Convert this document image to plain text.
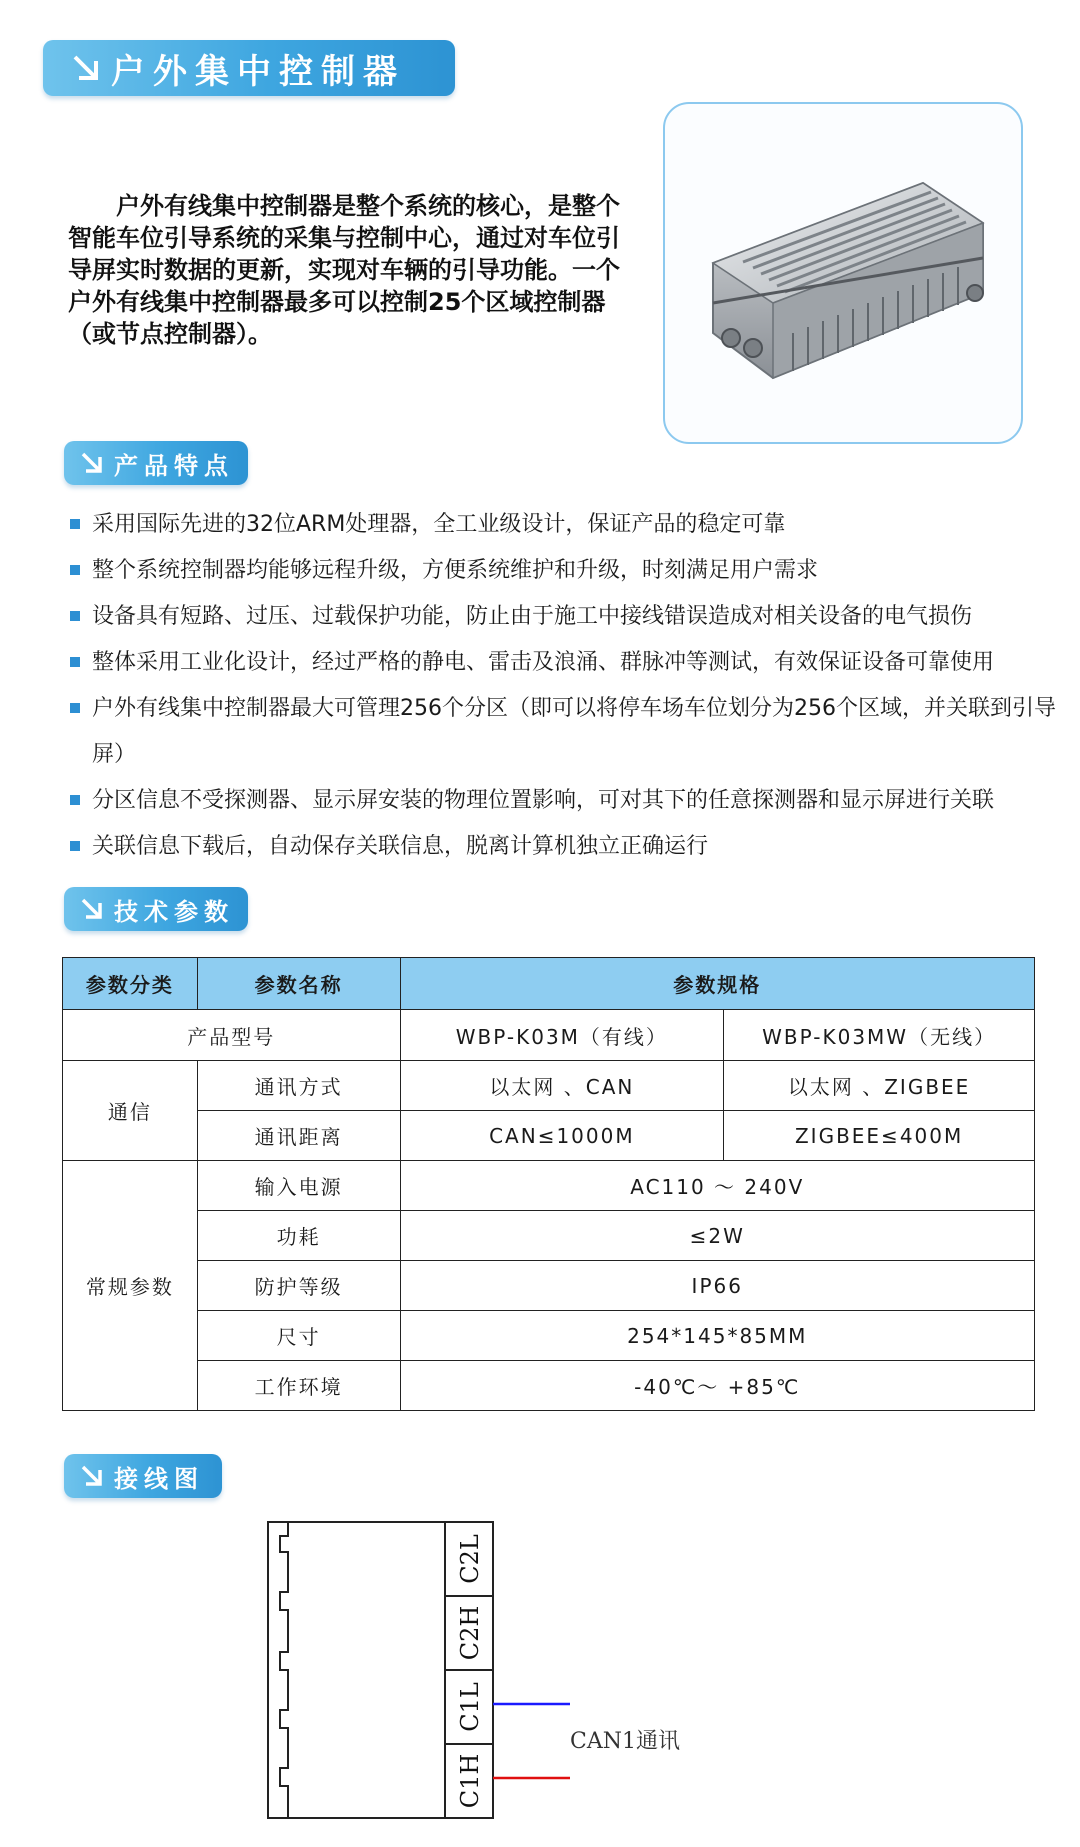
户外集中控制器

户外有线集中控制器是整个系统的核心，是整个智能车位引导系统的采集与控制中心，通过对车位引导屏实时数据的更新，实现对车辆的引导功能。一个户外有线集中控制器最多可以控制25个区域控制器（或节点控制器）。

产品特点
采用国际先进的32位ARM处理器，全工业级设计，保证产品的稳定可靠
整个系统控制器均能够远程升级，方便系统维护和升级，时刻满足用户需求
设备具有短路、过压、过载保护功能，防止由于施工中接线错误造成对相关设备的电气损伤
整体采用工业化设计，经过严格的静电、雷击及浪涌、群脉冲等测试，有效保证设备可靠使用
户外有线集中控制器最大可管理256个分区（即可以将停车场车位划分为256个区域，并关联到引导屏）
分区信息不受探测器、显示屏安装的物理位置影响，可对其下的任意探测器和显示屏进行关联
关联信息下载后，自动保存关联信息，脱离计算机独立正确运行
技术参数
参数分类	参数名称	参数规格	
产品型号		WBP-K03M（有线）	WBP-K03MW（无线）
通信	通讯方式	以太网 、CAN	以太网 、ZIGBEE
	通讯距离	CAN≤1000M	ZIGBEE≤400M
常规参数	输入电源	AC110 ～ 240V	
	功耗	≤2W	
	防护等级	IP66	
	尺寸	254*145*85MM	
	工作环境	-40℃～ +85℃	
接线图
C2L
C2H
C1L
C1H
CAN1通讯
